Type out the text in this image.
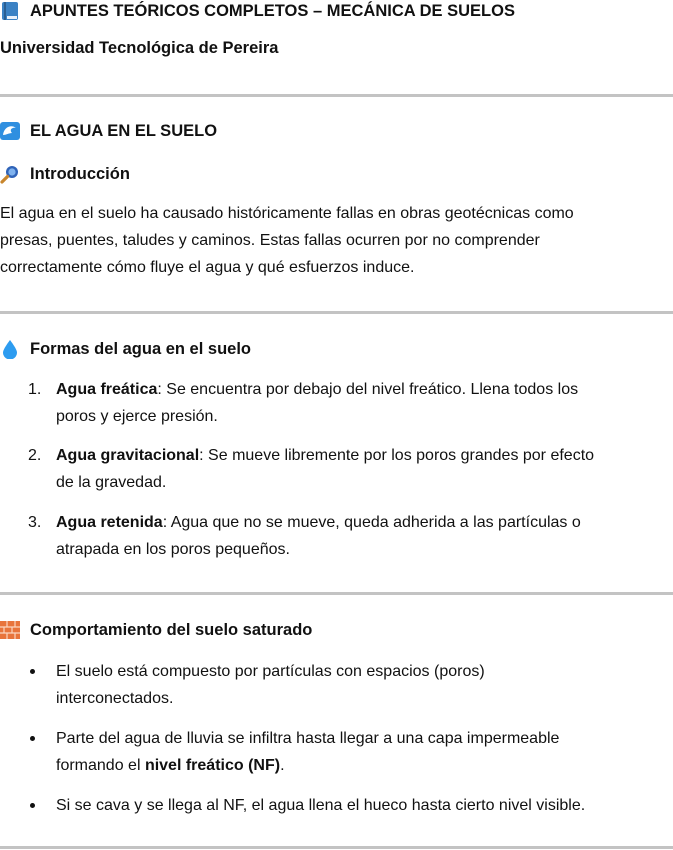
APUNTES TEÓRICOS COMPLETOS – MECÁNICA DE SUELOS
Universidad Tecnológica de Pereira
EL AGUA EN EL SUELO
Introducción
El agua en el suelo ha causado históricamente fallas en obras geotécnicas como
presas, puentes, taludes y caminos. Estas fallas ocurren por no comprender
correctamente cómo fluye el agua y qué esfuerzos induce.
Formas del agua en el suelo
1. Agua freática: Se encuentra por debajo del nivel freático. Llena todos los
poros y ejerce presión.
2. Agua gravitacional: Se mueve libremente por los poros grandes por efecto
de la gravedad.
3. Agua retenida: Agua que no se mueve, queda adherida a las partículas o
atrapada en los poros pequeños.
Comportamiento del suelo saturado
El suelo está compuesto por partículas con espacios (poros)
interconectados.
Parte del agua de lluvia se infiltra hasta llegar a una capa impermeable
formando el nivel freático (NF).
Si se cava y se llega al NF, el agua llena el hueco hasta cierto nivel visible.
